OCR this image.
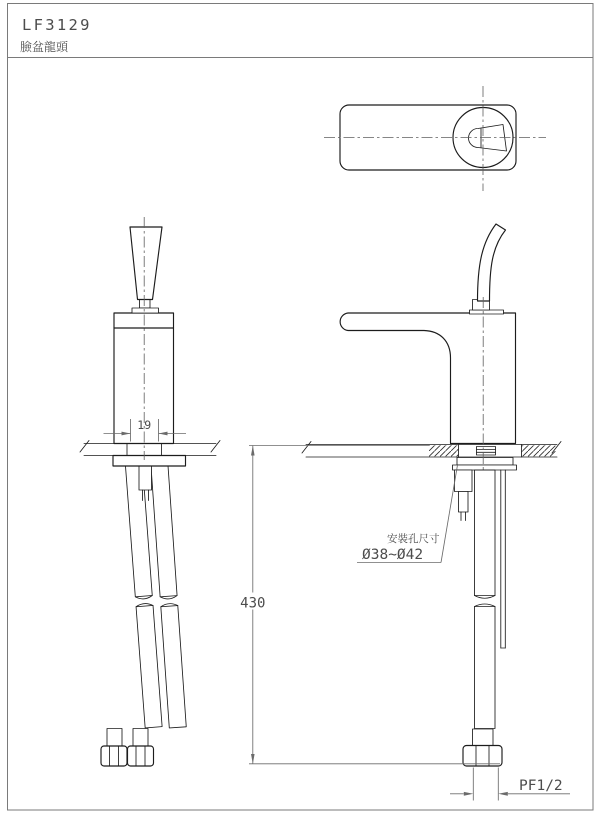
LF3129
臉盆龍頭
19
430
PF1/2
安裝孔尺寸
Ø38~Ø42
